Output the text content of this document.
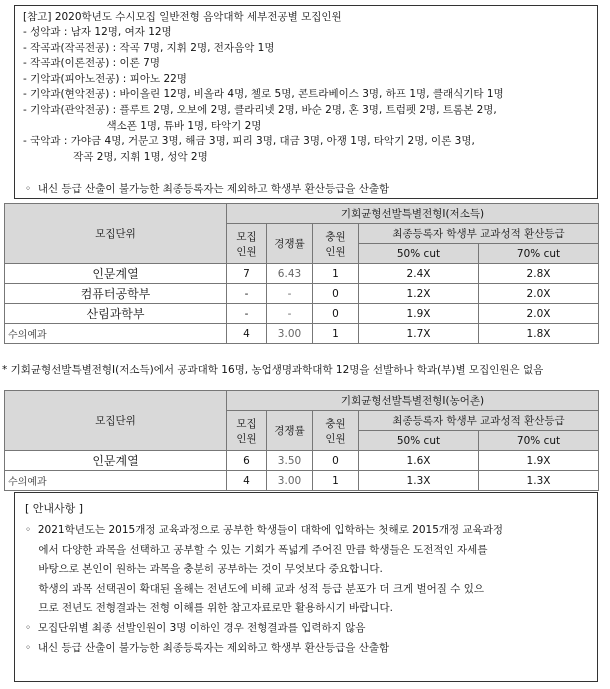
[참고] 2020학년도 수시모집 일반전형 음악대학 세부전공별 모집인원
- 성악과 : 남자 12명, 여자 12명
- 작곡과(작곡전공) : 작곡 7명, 지휘 2명, 전자음악 1명
- 작곡과(이론전공) : 이론 7명
- 기악과(피아노전공) : 피아노 22명
- 기악과(현악전공) : 바이올린 12명, 비올라 4명, 첼로 5명, 콘트라베이스 3명, 하프 1명, 클래식기타 1명
- 기악과(관악전공) : 플루트 2명, 오보에 2명, 클라리넷 2명, 바순 2명, 혼 3명, 트럼펫 2명, 트롬본 2명,
색소폰 1명, 튜바 1명, 타악기 2명
- 국악과 : 가야금 4명, 거문고 3명, 해금 3명, 피리 3명, 대금 3명, 아쟁 1명, 타악기 2명, 이론 3명,
작곡 2명, 지휘 1명, 성악 2명
◦  내신 등급 산출이 불가능한 최종등록자는 제외하고 학생부 환산등급을 산출함
모집단위	기회균형선발특별전형Ⅰ(저소득)				
	모집
인원	경쟁률	충원
인원	최종등록자 학생부 교과성적 환산등급	
				50% cut	70% cut
인문계열	7	6.43	1	2.4X	2.8X
컴퓨터공학부	-	-	0	1.2X	2.0X
산림과학부	-	-	0	1.9X	2.0X
수의예과	4	3.00	1	1.7X	1.8X
* 기회균형선발특별전형Ⅰ(저소득)에서 공과대학 16명, 농업생명과학대학 12명을 선발하나 학과(부)별 모집인원은 없음
모집단위	기회균형선발특별전형Ⅰ(농어촌)				
	모집
인원	경쟁률	충원
인원	최종등록자 학생부 교과성적 환산등급	
				50% cut	70% cut
인문계열	6	3.50	0	1.6X	1.9X
수의예과	4	3.00	1	1.3X	1.3X
[ 안내사항 ]
◦  2021학년도는 2015개정 교육과정으로 공부한 학생들이 대학에 입학하는 첫해로 2015개정 교육과정
에서 다양한 과목을 선택하고 공부할 수 있는 기회가 폭넓게 주어진 만큼 학생들은 도전적인 자세를
바탕으로 본인이 원하는 과목을 충분히 공부하는 것이 무엇보다 중요합니다.
학생의 과목 선택권이 확대된 올해는 전년도에 비해 교과 성적 등급 분포가 더 크게 벌어질 수 있으
므로 전년도 전형결과는 전형 이해를 위한 참고자료로만 활용하시기 바랍니다.
◦  모집단위별 최종 선발인원이 3명 이하인 경우 전형결과를 입력하지 않음
◦  내신 등급 산출이 불가능한 최종등록자는 제외하고 학생부 환산등급을 산출함
